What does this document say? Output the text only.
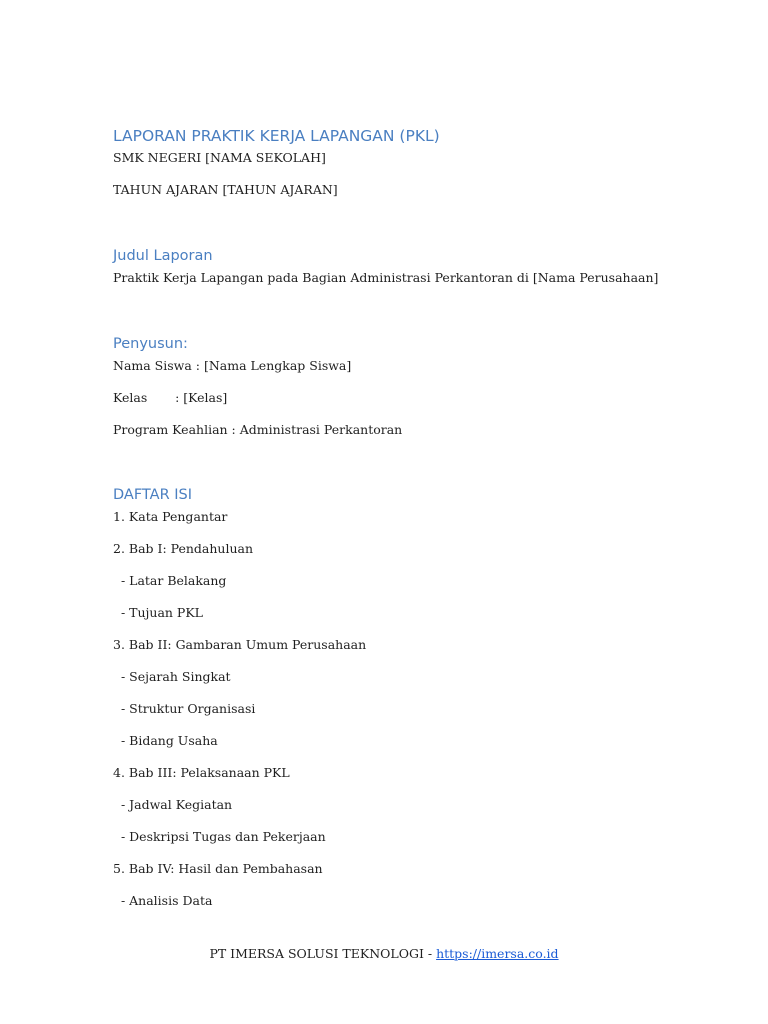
LAPORAN PRAKTIK KERJA LAPANGAN (PKL)
SMK NEGERI [NAMA SEKOLAH]
TAHUN AJARAN [TAHUN AJARAN]
Judul Laporan
Praktik Kerja Lapangan pada Bagian Administrasi Perkantoran di [Nama Perusahaan]
Penyusun:
Nama Siswa : [Nama Lengkap Siswa]
Kelas       : [Kelas]
Program Keahlian : Administrasi Perkantoran
DAFTAR ISI
1. Kata Pengantar
2. Bab I: Pendahuluan
- Latar Belakang
- Tujuan PKL
3. Bab II: Gambaran Umum Perusahaan
- Sejarah Singkat
- Struktur Organisasi
- Bidang Usaha
4. Bab III: Pelaksanaan PKL
- Jadwal Kegiatan
- Deskripsi Tugas dan Pekerjaan
5. Bab IV: Hasil dan Pembahasan
- Analisis Data
PT IMERSA SOLUSI TEKNOLOGI - https://imersa.co.id
